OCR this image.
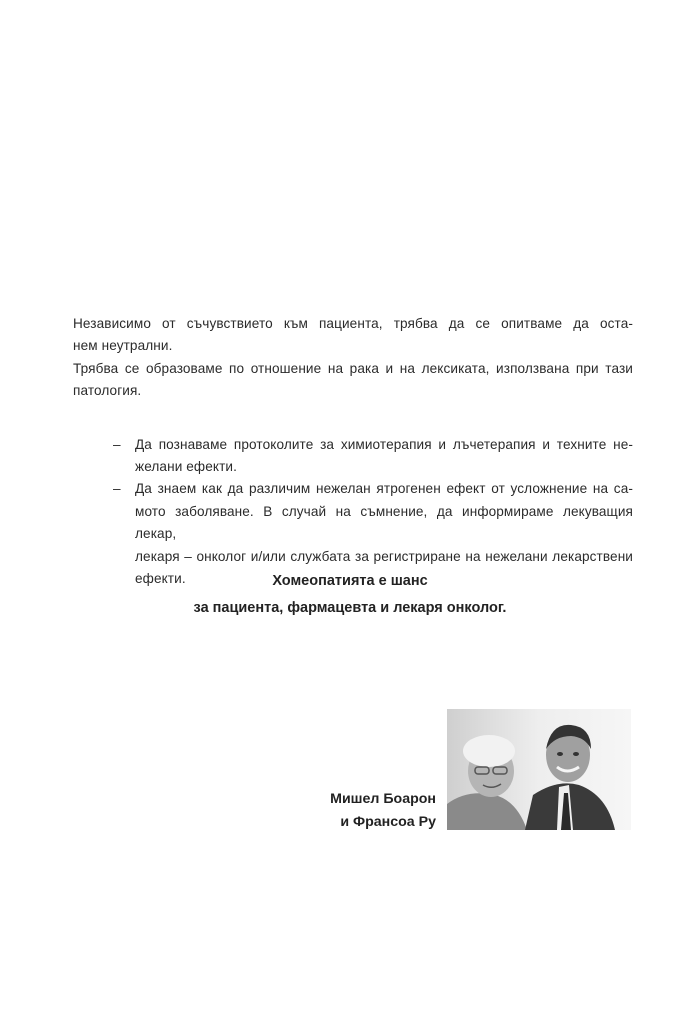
Независимо от съчувствието към пациента, трябва да се опитваме да оста-

нем неутрални.

Трябва се образоваме по отношение на рака и на лексиката, използвана при тази

патология.

– Да познаваме протоколите за химиотерапия и лъчетерапия и техните не-
желани ефекти.
– Да знаем как да различим нежелан ятрогенен ефект от усложнение на са-
мото заболяване. В случай на съмнение, да информираме лекуващия лекар,
лекаря – онколог и/или службата за регистриране на нежелани лекарствени
ефекти.	Хомеопатията е шанс
за пациента, фармацевта и лекаря онколог.
Мишел Боарон
и Франсоа Ру
